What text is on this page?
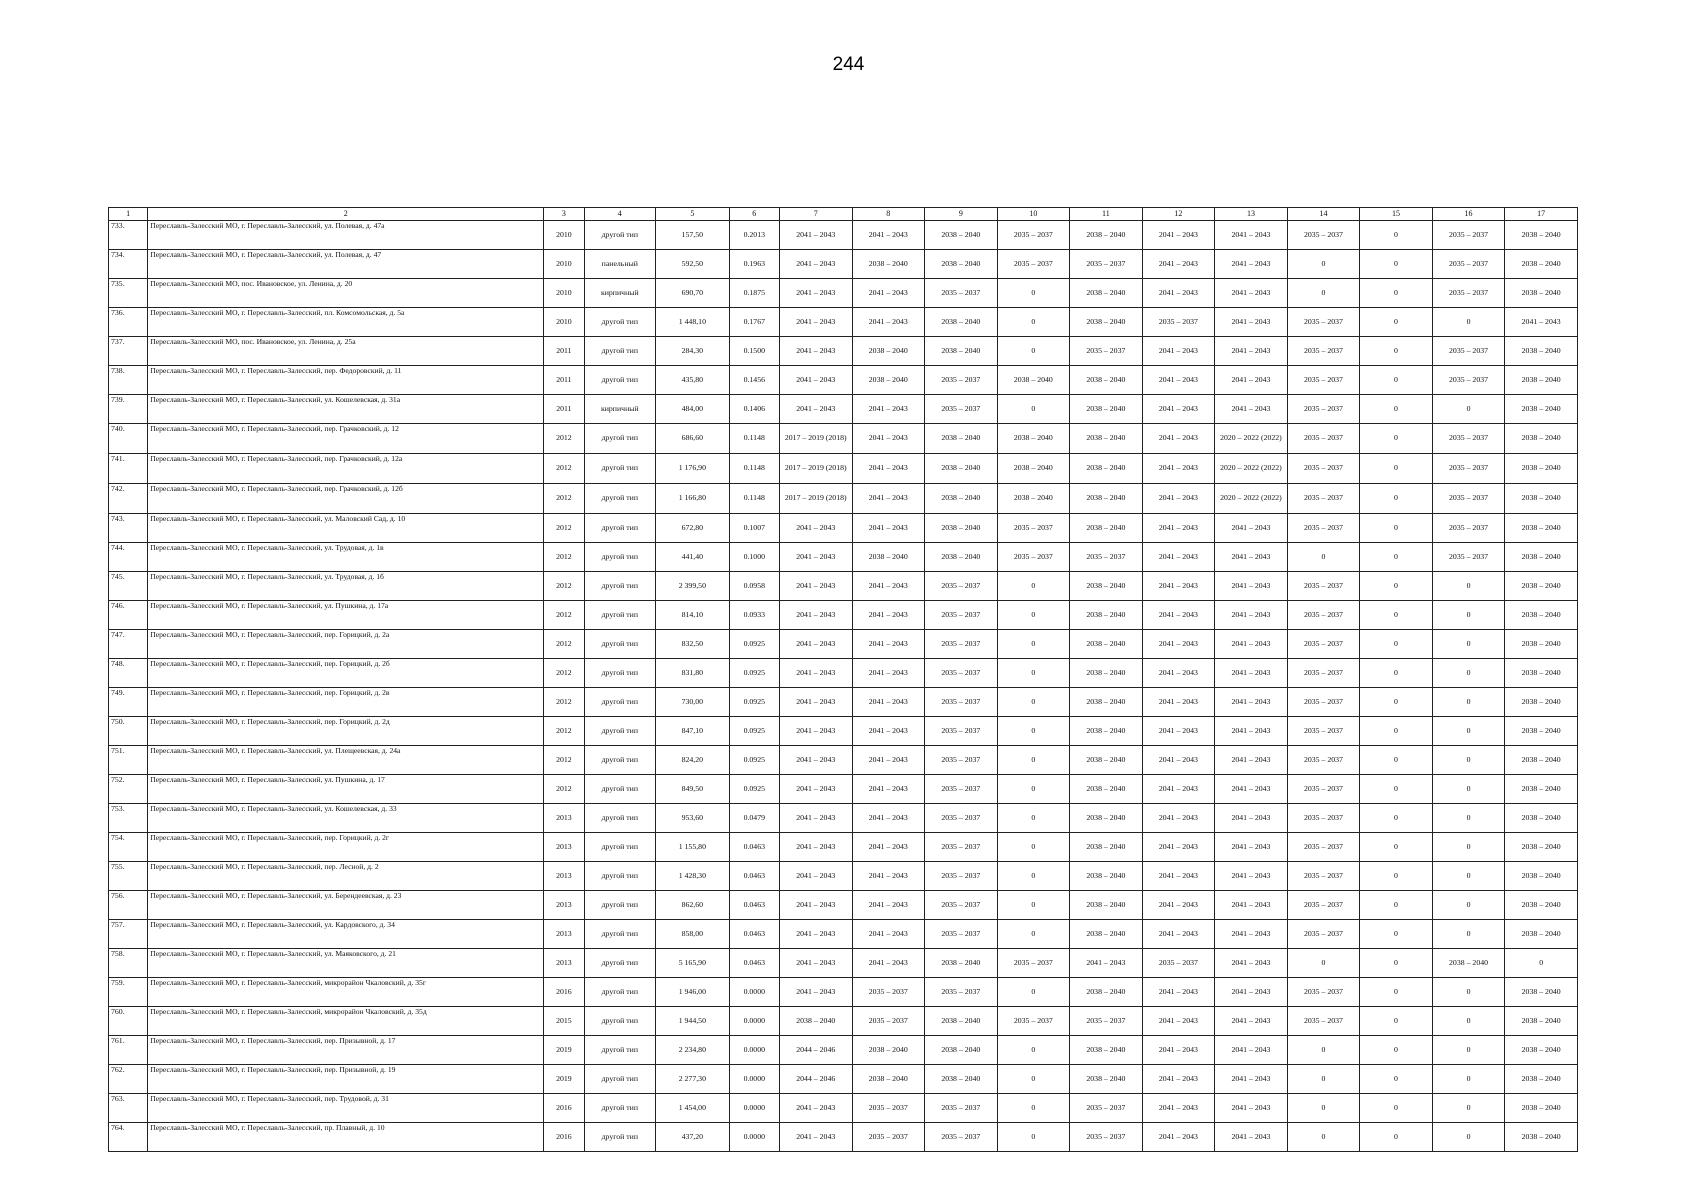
244
1	2	3	4	5	6	7	8	9	10	11	12	13	14	15	16	17
733.	Переславль-Залесский МО, г. Переславль-Залесский, ул. Полевая, д. 47а	2010	другой тип	157,50	0.2013	2041 – 2043	2041 – 2043	2038 – 2040	2035 – 2037	2038 – 2040	2041 – 2043	2041 – 2043	2035 – 2037	0	2035 – 2037	2038 – 2040
734.	Переславль-Залесский МО, г. Переславль-Залесский, ул. Полевая, д. 47	2010	панельный	592,50	0.1963	2041 – 2043	2038 – 2040	2038 – 2040	2035 – 2037	2035 – 2037	2041 – 2043	2041 – 2043	0	0	2035 – 2037	2038 – 2040
735.	Переславль-Залесский МО, пос. Ивановское, ул. Ленина, д. 20	2010	кирпичный	690,70	0.1875	2041 – 2043	2041 – 2043	2035 – 2037	0	2038 – 2040	2041 – 2043	2041 – 2043	0	0	2035 – 2037	2038 – 2040
736.	Переславль-Залесский МО, г. Переславль-Залесский, пл. Комсомольская, д. 5а	2010	другой тип	1 448,10	0.1767	2041 – 2043	2041 – 2043	2038 – 2040	0	2038 – 2040	2035 – 2037	2041 – 2043	2035 – 2037	0	0	2041 – 2043
737.	Переславль-Залесский МО, пос. Ивановское, ул. Ленина, д. 25а	2011	другой тип	284,30	0.1500	2041 – 2043	2038 – 2040	2038 – 2040	0	2035 – 2037	2041 – 2043	2041 – 2043	2035 – 2037	0	2035 – 2037	2038 – 2040
738.	Переславль-Залесский МО, г. Переславль-Залесский, пер. Федоровский, д. 11	2011	другой тип	435,80	0.1456	2041 – 2043	2038 – 2040	2035 – 2037	2038 – 2040	2038 – 2040	2041 – 2043	2041 – 2043	2035 – 2037	0	2035 – 2037	2038 – 2040
739.	Переславль-Залесский МО, г. Переславль-Залесский, ул. Кошелевская, д. 31а	2011	кирпичный	484,00	0.1406	2041 – 2043	2041 – 2043	2035 – 2037	0	2038 – 2040	2041 – 2043	2041 – 2043	2035 – 2037	0	0	2038 – 2040
740.	Переславль-Залесский МО, г. Переславль-Залесский, пер. Грачковский, д. 12	2012	другой тип	686,60	0.1148	2017 – 2019 (2018)	2041 – 2043	2038 – 2040	2038 – 2040	2038 – 2040	2041 – 2043	2020 – 2022 (2022)	2035 – 2037	0	2035 – 2037	2038 – 2040
741.	Переславль-Залесский МО, г. Переславль-Залесский, пер. Грачковский, д. 12а	2012	другой тип	1 176,90	0.1148	2017 – 2019 (2018)	2041 – 2043	2038 – 2040	2038 – 2040	2038 – 2040	2041 – 2043	2020 – 2022 (2022)	2035 – 2037	0	2035 – 2037	2038 – 2040
742.	Переславль-Залесский МО, г. Переславль-Залесский, пер. Грачковский, д. 12б	2012	другой тип	1 166,80	0.1148	2017 – 2019 (2018)	2041 – 2043	2038 – 2040	2038 – 2040	2038 – 2040	2041 – 2043	2020 – 2022 (2022)	2035 – 2037	0	2035 – 2037	2038 – 2040
743.	Переславль-Залесский МО, г. Переславль-Залесский, ул. Маловский Сад, д. 10	2012	другой тип	672,80	0.1007	2041 – 2043	2041 – 2043	2038 – 2040	2035 – 2037	2038 – 2040	2041 – 2043	2041 – 2043	2035 – 2037	0	2035 – 2037	2038 – 2040
744.	Переславль-Залесский МО, г. Переславль-Залесский, ул. Трудовая, д. 1в	2012	другой тип	441,40	0.1000	2041 – 2043	2038 – 2040	2038 – 2040	2035 – 2037	2035 – 2037	2041 – 2043	2041 – 2043	0	0	2035 – 2037	2038 – 2040
745.	Переславль-Залесский МО, г. Переславль-Залесский, ул. Трудовая, д. 1б	2012	другой тип	2 399,50	0.0958	2041 – 2043	2041 – 2043	2035 – 2037	0	2038 – 2040	2041 – 2043	2041 – 2043	2035 – 2037	0	0	2038 – 2040
746.	Переславль-Залесский МО, г. Переславль-Залесский, ул. Пушкина, д. 17а	2012	другой тип	814,10	0.0933	2041 – 2043	2041 – 2043	2035 – 2037	0	2038 – 2040	2041 – 2043	2041 – 2043	2035 – 2037	0	0	2038 – 2040
747.	Переславль-Залесский МО, г. Переславль-Залесский, пер. Горицкий, д. 2а	2012	другой тип	832,50	0.0925	2041 – 2043	2041 – 2043	2035 – 2037	0	2038 – 2040	2041 – 2043	2041 – 2043	2035 – 2037	0	0	2038 – 2040
748.	Переславль-Залесский МО, г. Переславль-Залесский, пер. Горицкий, д. 2б	2012	другой тип	831,80	0.0925	2041 – 2043	2041 – 2043	2035 – 2037	0	2038 – 2040	2041 – 2043	2041 – 2043	2035 – 2037	0	0	2038 – 2040
749.	Переславль-Залесский МО, г. Переславль-Залесский, пер. Горицкий, д. 2в	2012	другой тип	730,00	0.0925	2041 – 2043	2041 – 2043	2035 – 2037	0	2038 – 2040	2041 – 2043	2041 – 2043	2035 – 2037	0	0	2038 – 2040
750.	Переславль-Залесский МО, г. Переславль-Залесский, пер. Горицкий, д. 2д	2012	другой тип	847,10	0.0925	2041 – 2043	2041 – 2043	2035 – 2037	0	2038 – 2040	2041 – 2043	2041 – 2043	2035 – 2037	0	0	2038 – 2040
751.	Переславль-Залесский МО, г. Переславль-Залесский, ул. Плещеевская, д. 24а	2012	другой тип	824,20	0.0925	2041 – 2043	2041 – 2043	2035 – 2037	0	2038 – 2040	2041 – 2043	2041 – 2043	2035 – 2037	0	0	2038 – 2040
752.	Переславль-Залесский МО, г. Переславль-Залесский, ул. Пушкина, д. 17	2012	другой тип	849,50	0.0925	2041 – 2043	2041 – 2043	2035 – 2037	0	2038 – 2040	2041 – 2043	2041 – 2043	2035 – 2037	0	0	2038 – 2040
753.	Переславль-Залесский МО, г. Переславль-Залесский, ул. Кошелевская, д. 33	2013	другой тип	953,60	0.0479	2041 – 2043	2041 – 2043	2035 – 2037	0	2038 – 2040	2041 – 2043	2041 – 2043	2035 – 2037	0	0	2038 – 2040
754.	Переславль-Залесский МО, г. Переславль-Залесский, пер. Горицкий, д. 2г	2013	другой тип	1 155,80	0.0463	2041 – 2043	2041 – 2043	2035 – 2037	0	2038 – 2040	2041 – 2043	2041 – 2043	2035 – 2037	0	0	2038 – 2040
755.	Переславль-Залесский МО, г. Переславль-Залесский, пер. Лесной, д. 2	2013	другой тип	1 428,30	0.0463	2041 – 2043	2041 – 2043	2035 – 2037	0	2038 – 2040	2041 – 2043	2041 – 2043	2035 – 2037	0	0	2038 – 2040
756.	Переславль-Залесский МО, г. Переславль-Залесский, ул. Берендеевская, д. 23	2013	другой тип	862,60	0.0463	2041 – 2043	2041 – 2043	2035 – 2037	0	2038 – 2040	2041 – 2043	2041 – 2043	2035 – 2037	0	0	2038 – 2040
757.	Переславль-Залесский МО, г. Переславль-Залесский, ул. Кардовского, д. 34	2013	другой тип	858,00	0.0463	2041 – 2043	2041 – 2043	2035 – 2037	0	2038 – 2040	2041 – 2043	2041 – 2043	2035 – 2037	0	0	2038 – 2040
758.	Переславль-Залесский МО, г. Переславль-Залесский, ул. Маяковского, д. 21	2013	другой тип	5 165,90	0.0463	2041 – 2043	2041 – 2043	2038 – 2040	2035 – 2037	2041 – 2043	2035 – 2037	2041 – 2043	0	0	2038 – 2040	0
759.	Переславль-Залесский МО, г. Переславль-Залесский, микрорайон Чкаловский, д. 35г	2016	другой тип	1 946,00	0.0000	2041 – 2043	2035 – 2037	2035 – 2037	0	2038 – 2040	2041 – 2043	2041 – 2043	2035 – 2037	0	0	2038 – 2040
760.	Переславль-Залесский МО, г. Переславль-Залесский, микрорайон Чкаловский, д. 35д	2015	другой тип	1 944,50	0.0000	2038 – 2040	2035 – 2037	2038 – 2040	2035 – 2037	2035 – 2037	2041 – 2043	2041 – 2043	2035 – 2037	0	0	2038 – 2040
761.	Переславль-Залесский МО, г. Переславль-Залесский, пер. Призывной, д. 17	2019	другой тип	2 234,80	0.0000	2044 – 2046	2038 – 2040	2038 – 2040	0	2038 – 2040	2041 – 2043	2041 – 2043	0	0	0	2038 – 2040
762.	Переславль-Залесский МО, г. Переславль-Залесский, пер. Призывной, д. 19	2019	другой тип	2 277,30	0.0000	2044 – 2046	2038 – 2040	2038 – 2040	0	2038 – 2040	2041 – 2043	2041 – 2043	0	0	0	2038 – 2040
763.	Переславль-Залесский МО, г. Переславль-Залесский, пер. Трудовой, д. 31	2016	другой тип	1 454,00	0.0000	2041 – 2043	2035 – 2037	2035 – 2037	0	2035 – 2037	2041 – 2043	2041 – 2043	0	0	0	2038 – 2040
764.	Переславль-Залесский МО, г. Переславль-Залесский, пр. Плавный, д. 10	2016	другой тип	437,20	0.0000	2041 – 2043	2035 – 2037	2035 – 2037	0	2035 – 2037	2041 – 2043	2041 – 2043	0	0	0	2038 – 2040
